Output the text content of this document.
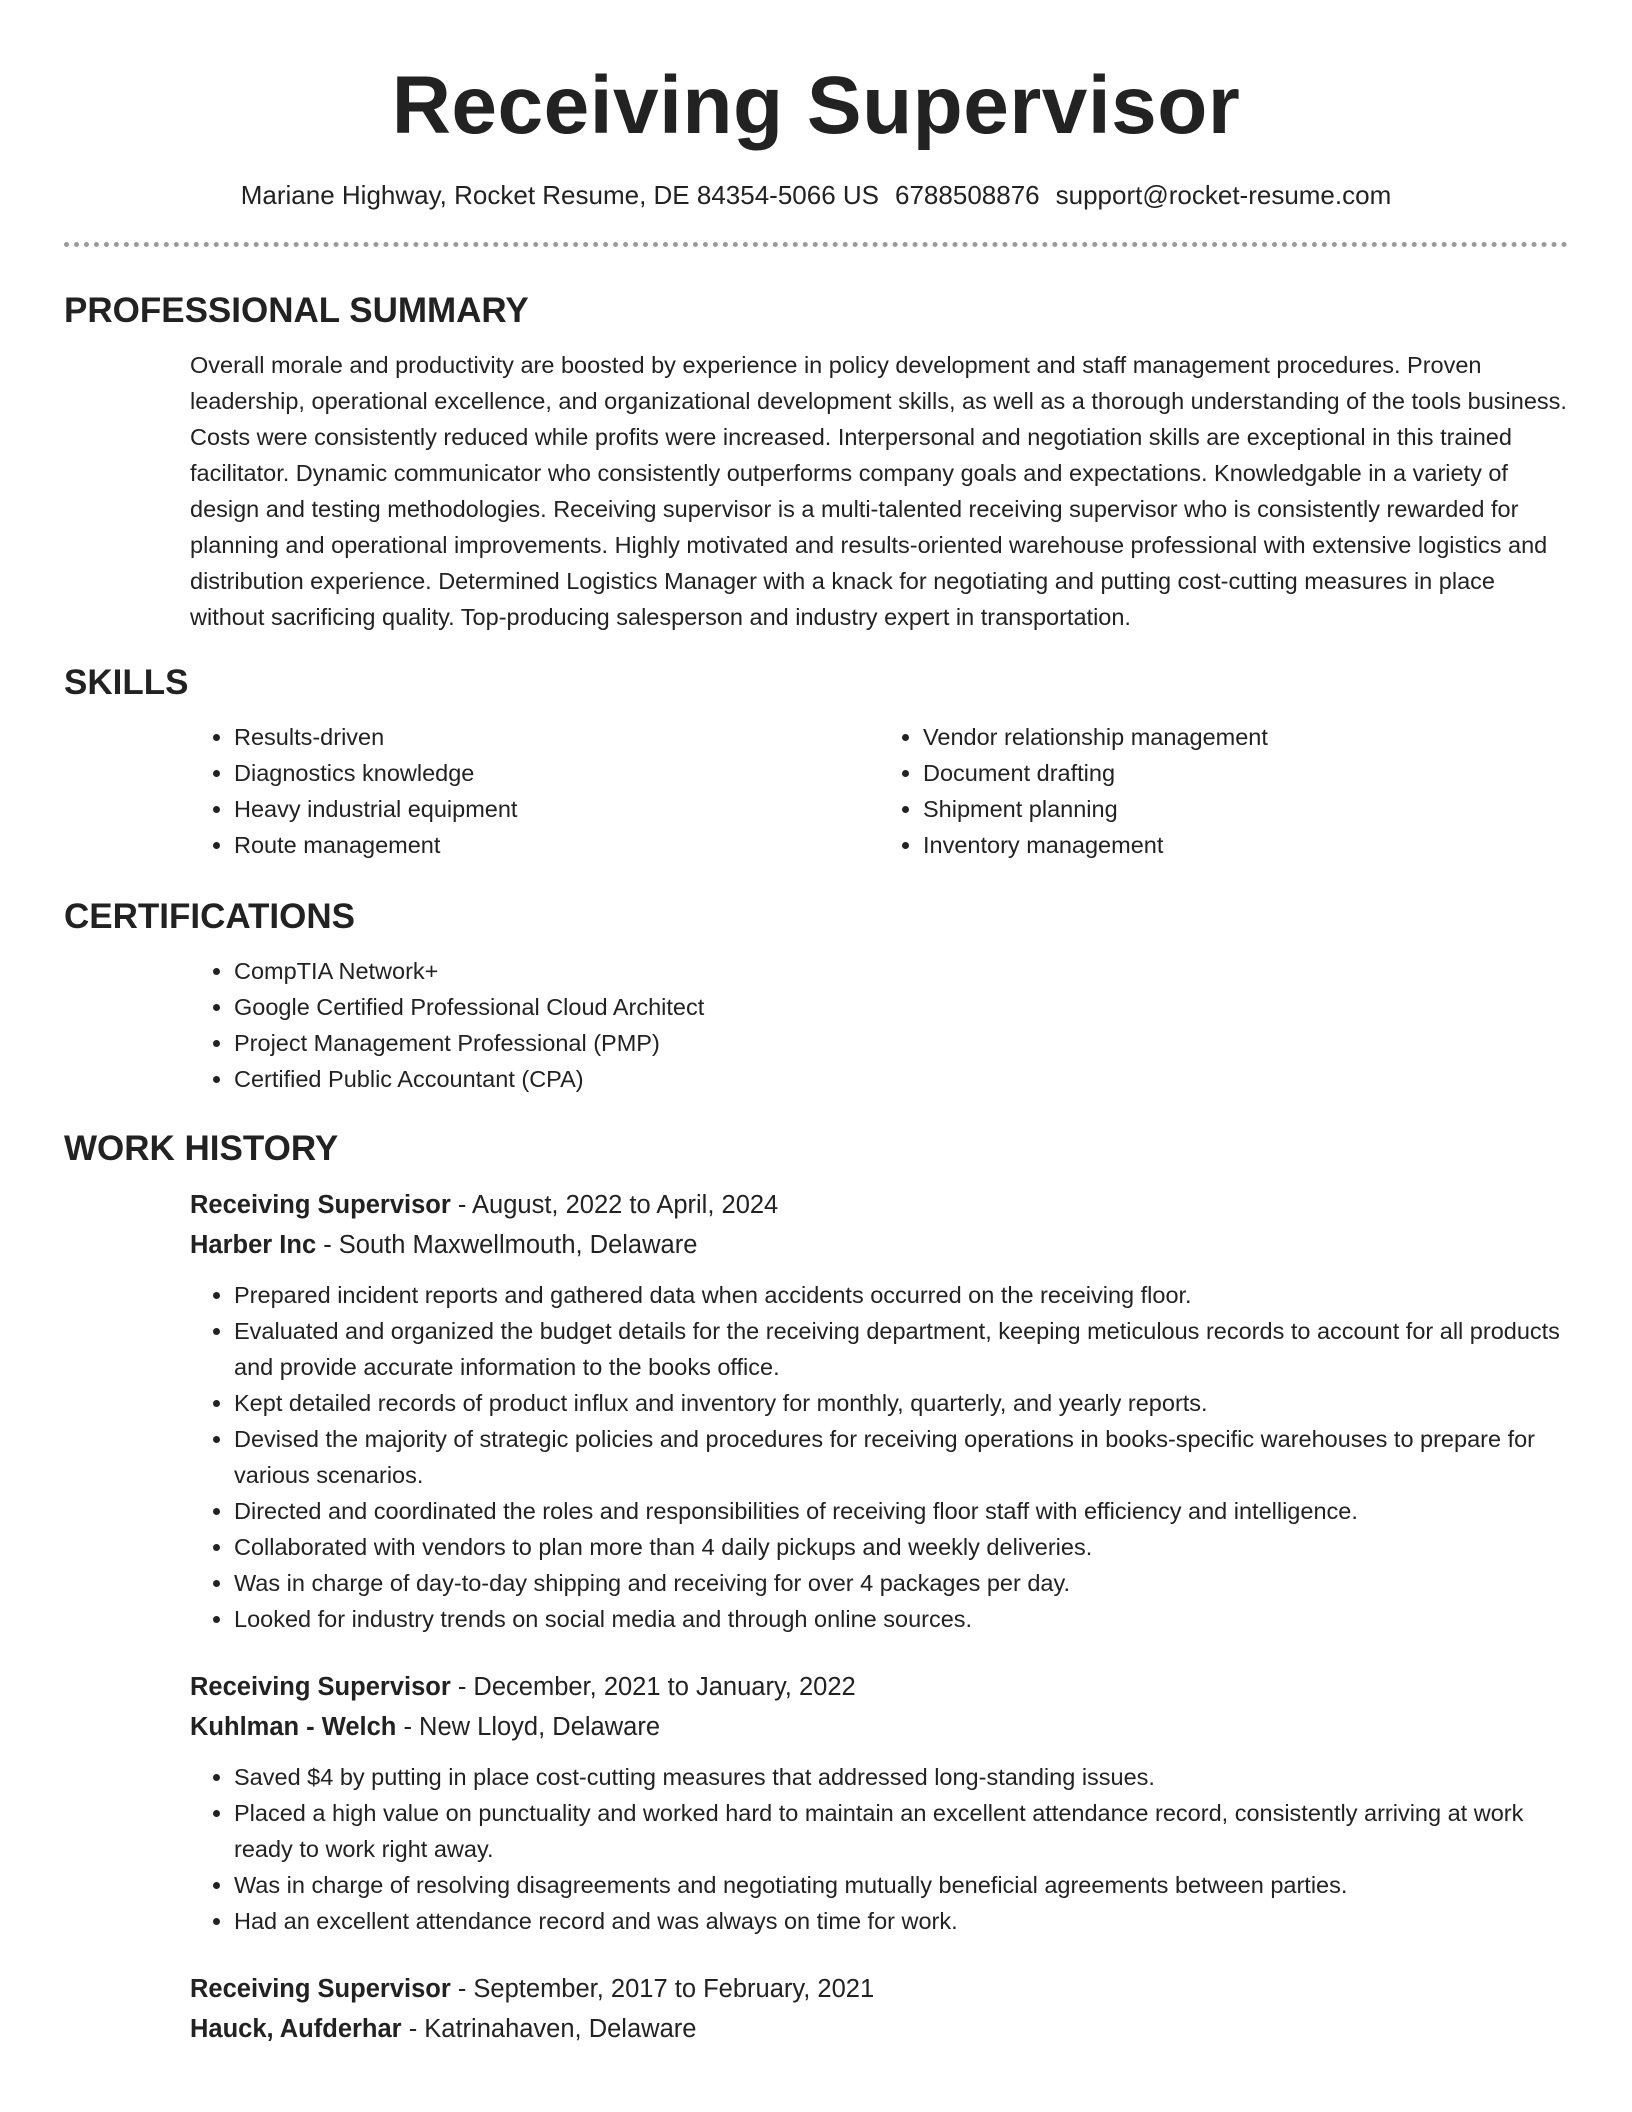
Receiving Supervisor
Mariane Highway, Rocket Resume, DE 84354-5066 US 6788508876 support@rocket-resume.com
PROFESSIONAL SUMMARY

Overall morale and productivity are boosted by experience in policy development and staff management procedures. Proven leadership, operational excellence, and organizational development skills, as well as a thorough understanding of the tools business. Costs were consistently reduced while profits were increased. Interpersonal and negotiation skills are exceptional in this trained facilitator. Dynamic communicator who consistently outperforms company goals and expectations. Knowledgable in a variety of design and testing methodologies. Receiving supervisor is a multi-talented receiving supervisor who is consistently rewarded for planning and operational improvements. Highly motivated and results-oriented warehouse professional with extensive logistics and distribution experience. Determined Logistics Manager with a knack for negotiating and putting cost-cutting measures in place without sacrificing quality. Top-producing salesperson and industry expert in transportation.

SKILLS
• Results-driven
• Diagnostics knowledge
• Heavy industrial equipment
• Route management
• Vendor relationship management
• Document drafting
• Shipment planning
• Inventory management
CERTIFICATIONS
• CompTIA Network+
• Google Certified Professional Cloud Architect
• Project Management Professional (PMP)
• Certified Public Accountant (CPA)
WORK HISTORY
Receiving Supervisor - August, 2022 to April, 2024
Harber Inc - South Maxwellmouth, Delaware
• Prepared incident reports and gathered data when accidents occurred on the receiving floor.
• Evaluated and organized the budget details for the receiving department, keeping meticulous records to account for all products and provide accurate information to the books office.
• Kept detailed records of product influx and inventory for monthly, quarterly, and yearly reports.
• Devised the majority of strategic policies and procedures for receiving operations in books-specific warehouses to prepare for various scenarios.
• Directed and coordinated the roles and responsibilities of receiving floor staff with efficiency and intelligence.
• Collaborated with vendors to plan more than 4 daily pickups and weekly deliveries.
• Was in charge of day-to-day shipping and receiving for over 4 packages per day.
• Looked for industry trends on social media and through online sources.
Receiving Supervisor - December, 2021 to January, 2022
Kuhlman - Welch - New Lloyd, Delaware
• Saved $4 by putting in place cost-cutting measures that addressed long-standing issues.
• Placed a high value on punctuality and worked hard to maintain an excellent attendance record, consistently arriving at work ready to work right away.
• Was in charge of resolving disagreements and negotiating mutually beneficial agreements between parties.
• Had an excellent attendance record and was always on time for work.
Receiving Supervisor - September, 2017 to February, 2021
Hauck, Aufderhar - Katrinahaven, Delaware
